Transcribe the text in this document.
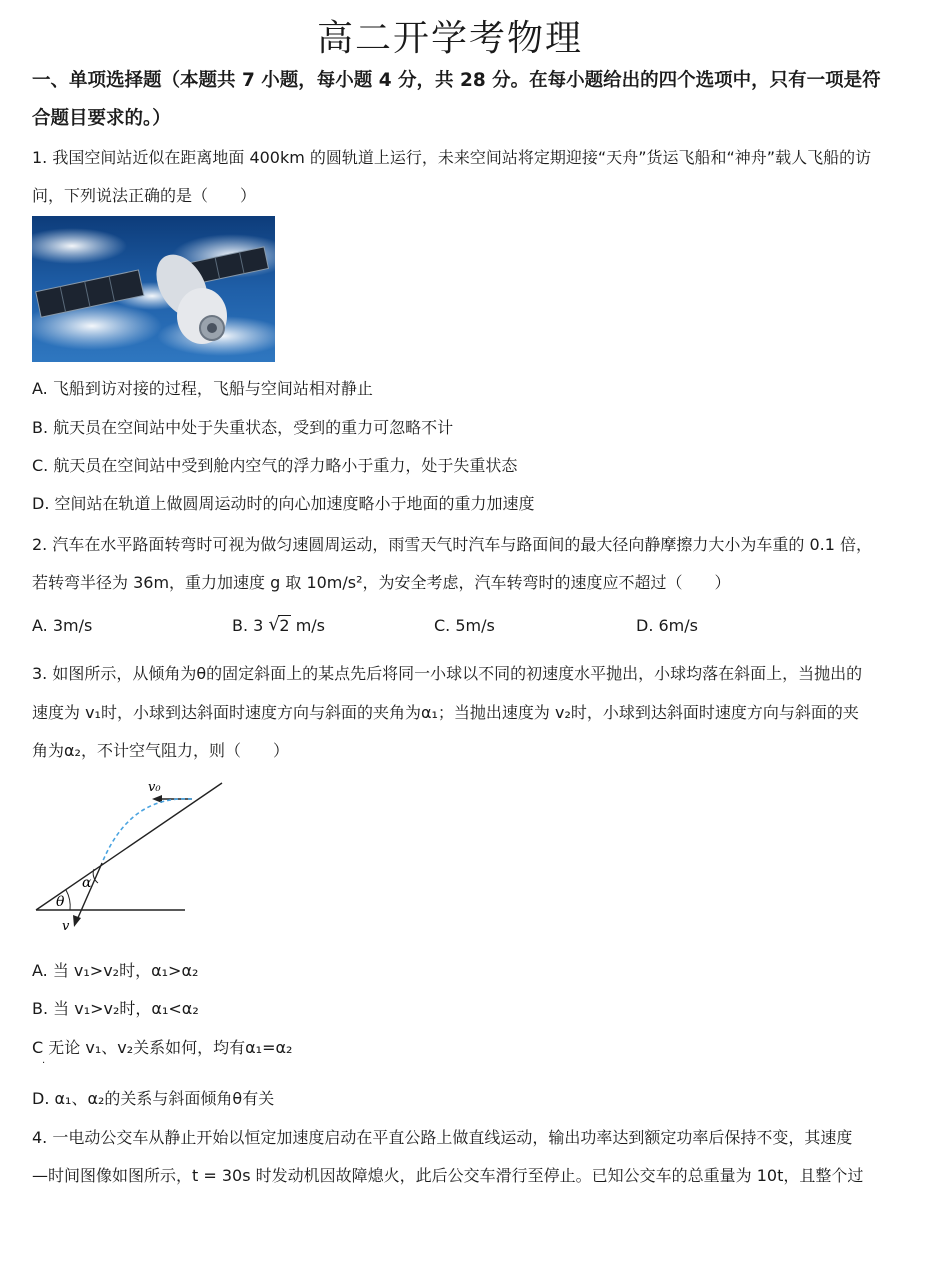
高二开学考物理
一、单项选择题（本题共 7 小题，每小题 4 分，共 28 分。在每小题给出的四个选项中，只有一项是符
合题目要求的。）
1. 我国空间站近似在距离地面 400km 的圆轨道上运行，未来空间站将定期迎接“天舟”货运飞船和“神舟”载人飞船的访
问，下列说法正确的是（　　）
A. 飞船到访对接的过程，飞船与空间站相对静止
B. 航天员在空间站中处于失重状态，受到的重力可忽略不计
C. 航天员在空间站中受到舱内空气的浮力略小于重力，处于失重状态
D. 空间站在轨道上做圆周运动时的向心加速度略小于地面的重力加速度
2. 汽车在水平路面转弯时可视为做匀速圆周运动，雨雪天气时汽车与路面间的最大径向静摩擦力大小为车重的 0.1 倍，
若转弯半径为 36m，重力加速度 g 取 10m/s²，为安全考虑，汽车转弯时的速度应不超过（　　）
A. 3m/s	B. 3 √ 2 m/s	C. 5m/s	D. 6m/s
3. 如图所示，从倾角为θ的固定斜面上的某点先后将同一小球以不同的初速度水平抛出，小球均落在斜面上，当抛出的
速度为 v₁时，小球到达斜面时速度方向与斜面的夹角为α₁；当抛出速度为 v₂时，小球到达斜面时速度方向与斜面的夹
角为α₂，不计空气阻力，则（　　）
v₀
α
θ
v
A. 当 v₁>v₂时，α₁>α₂
B. 当 v₁>v₂时，α₁<α₂
C 无论 v₁、v₂关系如何，均有α₁=α₂
·
D. α₁、α₂的关系与斜面倾角θ有关
4. 一电动公交车从静止开始以恒定加速度启动在平直公路上做直线运动，输出功率达到额定功率后保持不变，其速度
—时间图像如图所示，t = 30s 时发动机因故障熄火，此后公交车滑行至停止。已知公交车的总重量为 10t，且整个过
